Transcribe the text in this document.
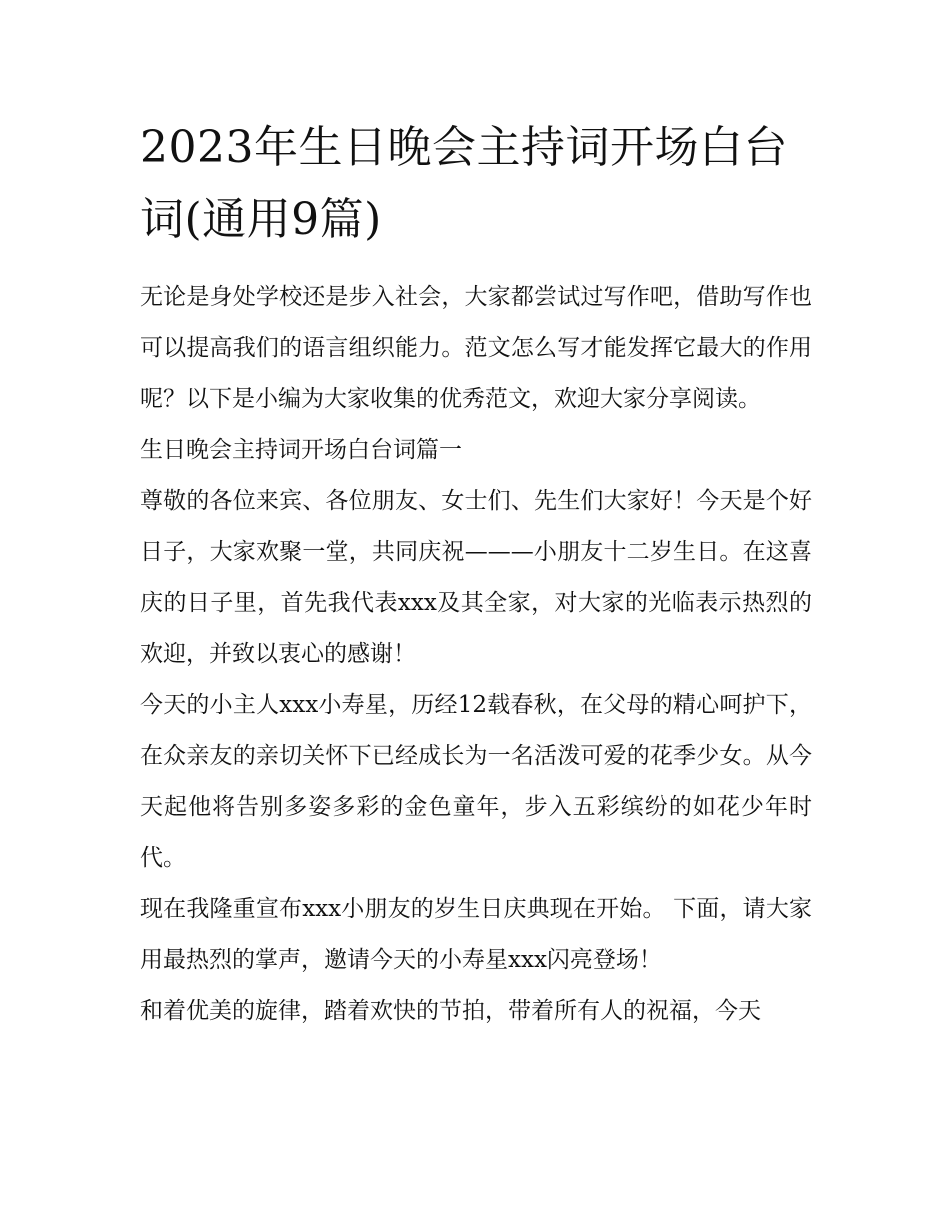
2023年生日晚会主持词开场白台词(通用9篇)

无论是身处学校还是步入社会，大家都尝试过写作吧，借助写作也可以提高我们的语言组织能力。范文怎么写才能发挥它最大的作用呢？以下是小编为大家收集的优秀范文，欢迎大家分享阅读。

生日晚会主持词开场白台词篇一

尊敬的各位来宾、各位朋友、女士们、先生们大家好！今天是个好日子，大家欢聚一堂，共同庆祝———小朋友十二岁生日。在这喜庆的日子里，首先我代表xxx及其全家，对大家的光临表示热烈的欢迎，并致以衷心的感谢！

今天的小主人xxx小寿星，历经12载春秋，在父母的精心呵护下，在众亲友的亲切关怀下已经成长为一名活泼可爱的花季少女。从今天起他将告别多姿多彩的金色童年，步入五彩缤纷的如花少年时代。

现在我隆重宣布xxx小朋友的岁生日庆典现在开始。 下面，请大家用最热烈的掌声，邀请今天的小寿星xxx闪亮登场！

和着优美的旋律，踏着欢快的节拍，带着所有人的祝福，今天
